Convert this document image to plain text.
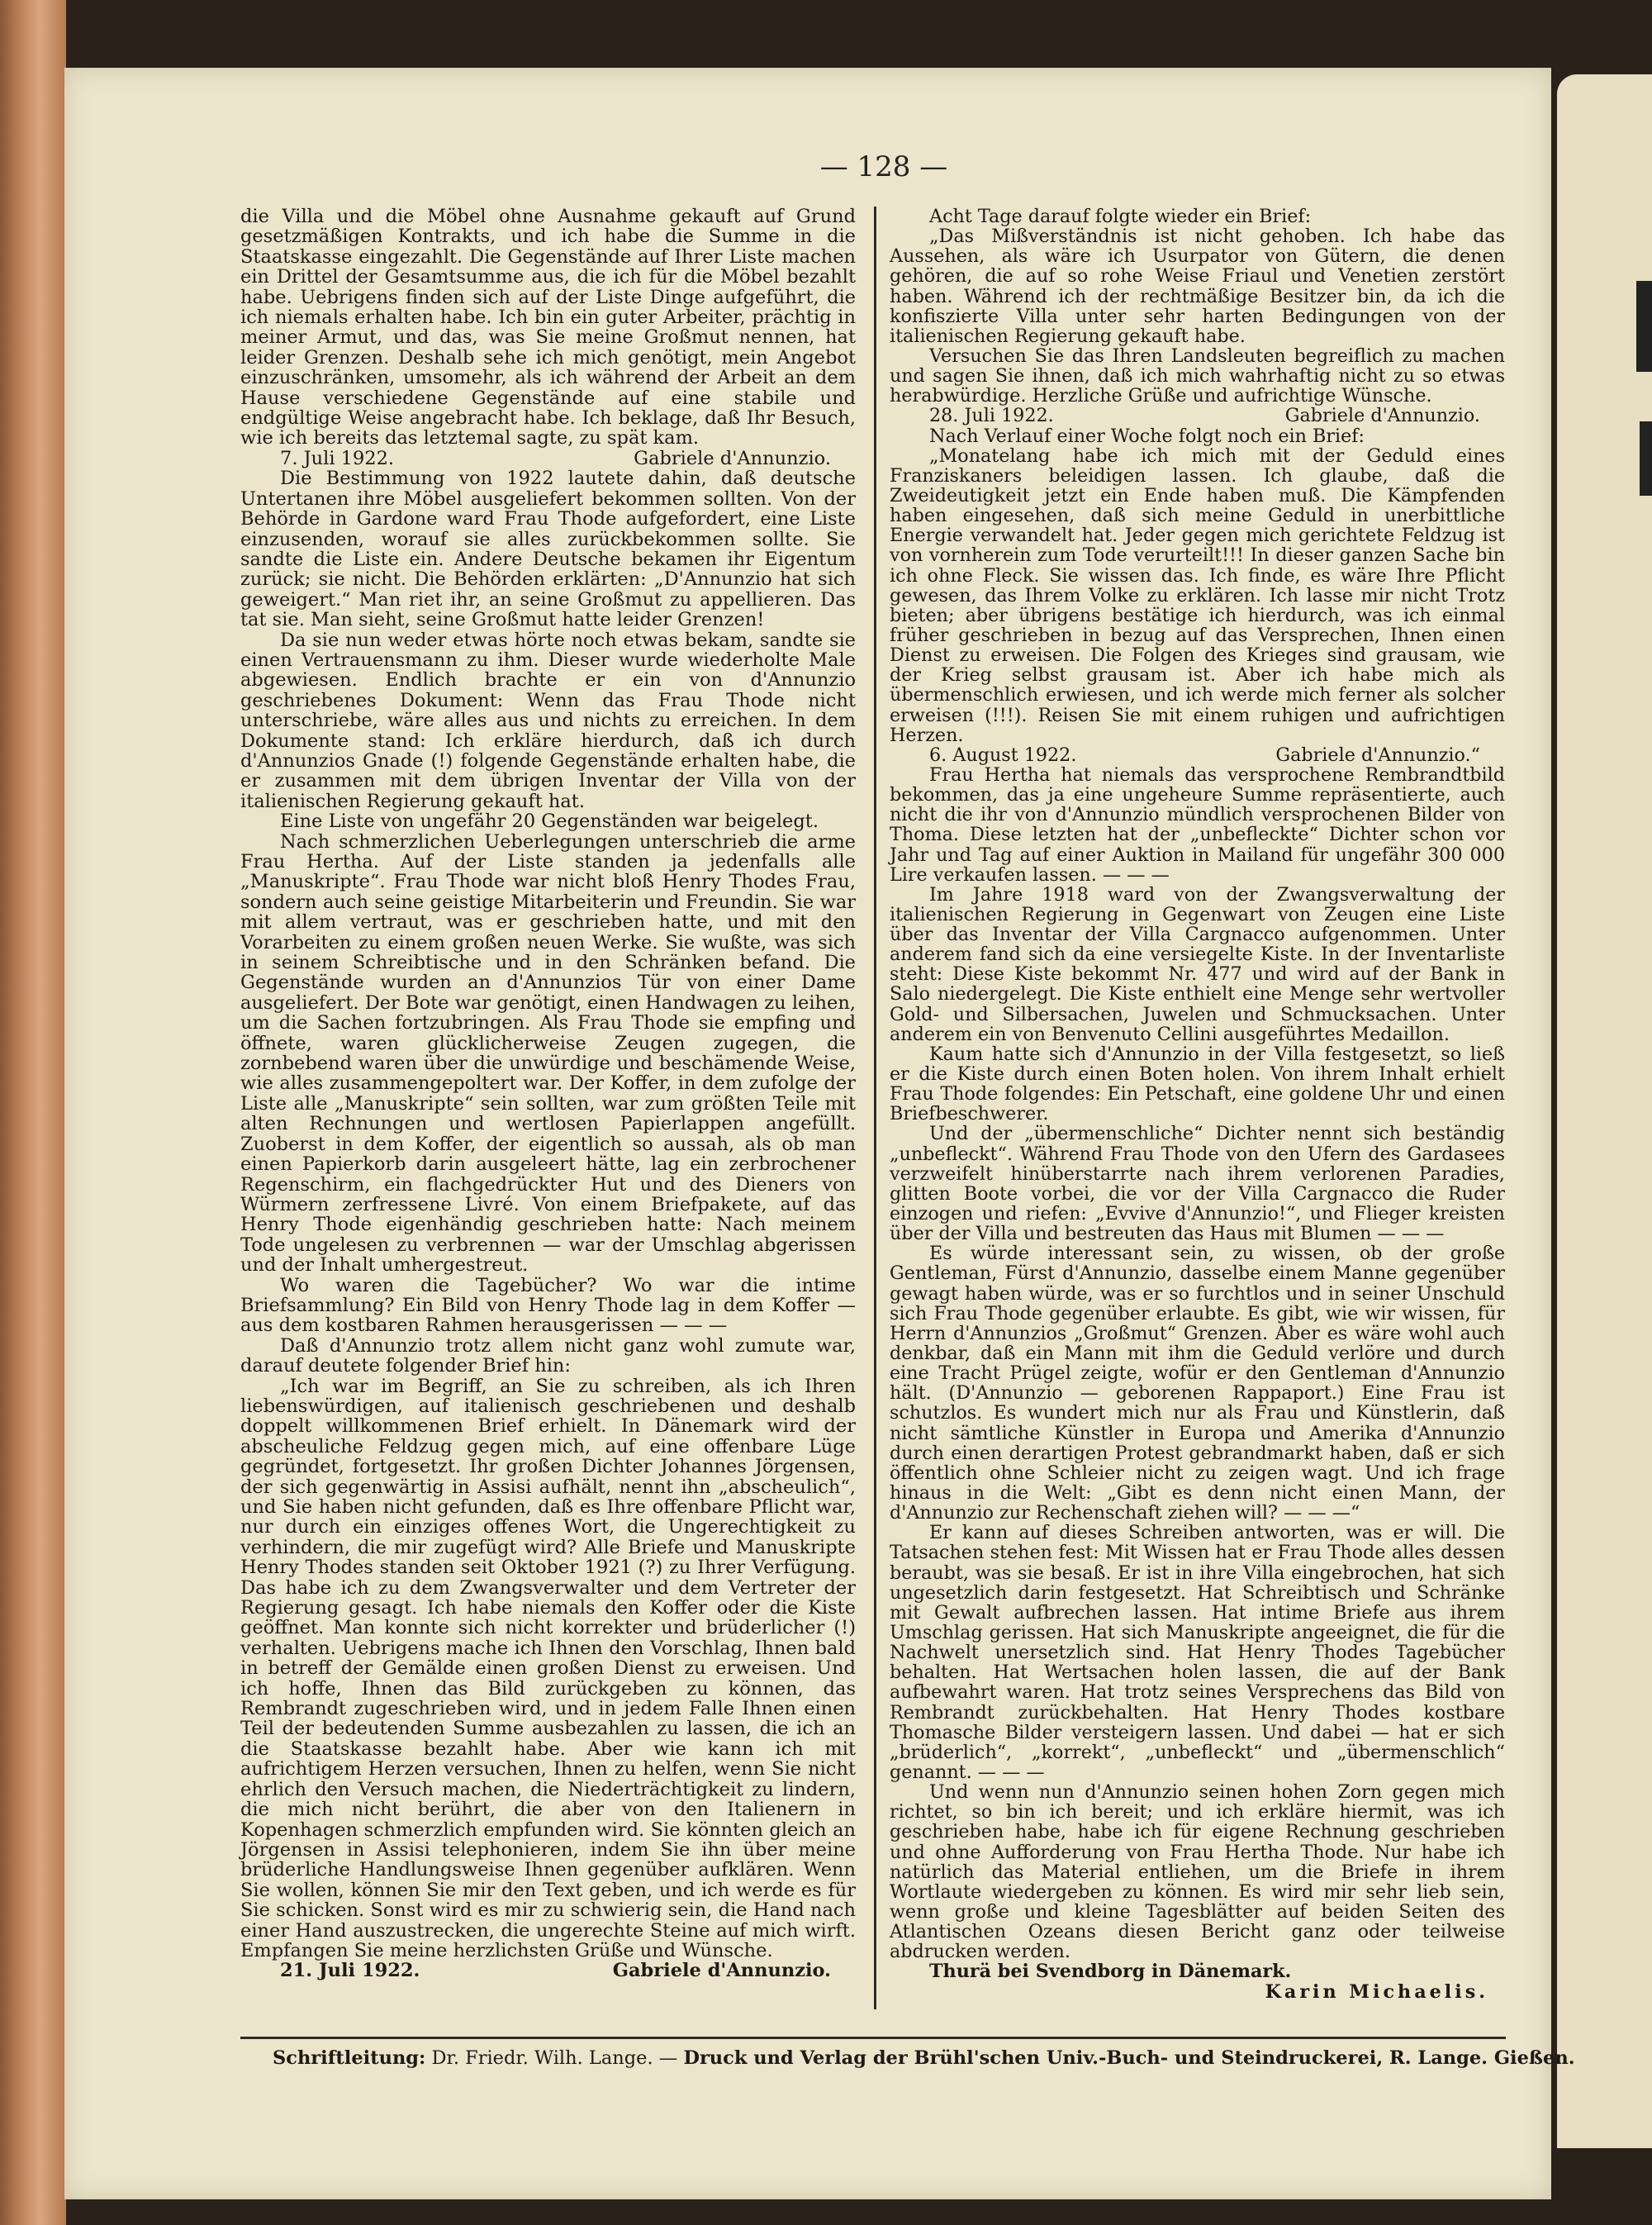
— 128 —

die Villa und die Möbel ohne Ausnahme gekauft auf Grund gesetzmäßigen Kontrakts, und ich habe die Summe in die Staatskasse eingezahlt. Die Gegenstände auf Ihrer Liste machen ein Drittel der Gesamtsumme aus, die ich für die Möbel bezahlt habe. Uebrigens finden sich auf der Liste Dinge aufgeführt, die ich niemals erhalten habe. Ich bin ein guter Arbeiter, prächtig in meiner Armut, und das, was Sie meine Großmut nennen, hat leider Grenzen. Deshalb sehe ich mich genötigt, mein Angebot einzuschränken, umsomehr, als ich während der Arbeit an dem Hause verschiedene Gegenstände auf eine stabile und endgültige Weise angebracht habe. Ich beklage, daß Ihr Besuch, wie ich bereits das letztemal sagte, zu spät kam.

7. Juli 1922.	Gabriele d'Annunzio.

Die Bestimmung von 1922 lautete dahin, daß deutsche Untertanen ihre Möbel ausgeliefert bekommen sollten. Von der Behörde in Gardone ward Frau Thode aufgefordert, eine Liste einzusenden, worauf sie alles zurückbekommen sollte. Sie sandte die Liste ein. Andere Deutsche bekamen ihr Eigentum zurück; sie nicht. Die Behörden erklärten: „D'Annunzio hat sich geweigert.“ Man riet ihr, an seine Großmut zu appellieren. Das tat sie. Man sieht, seine Großmut hatte leider Grenzen!

Da sie nun weder etwas hörte noch etwas bekam, sandte sie einen Vertrauensmann zu ihm. Dieser wurde wiederholte Male abgewiesen. Endlich brachte er ein von d'Annunzio geschriebenes Dokument: Wenn das Frau Thode nicht unterschriebe, wäre alles aus und nichts zu erreichen. In dem Dokumente stand: Ich erkläre hierdurch, daß ich durch d'Annunzios Gnade (!) folgende Gegenstände erhalten habe, die er zusammen mit dem übrigen Inventar der Villa von der italienischen Regierung gekauft hat.

Eine Liste von ungefähr 20 Gegenständen war beigelegt.

Nach schmerzlichen Ueberlegungen unterschrieb die arme Frau Hertha. Auf der Liste standen ja jedenfalls alle „Manuskripte“. Frau Thode war nicht bloß Henry Thodes Frau, sondern auch seine geistige Mitarbeiterin und Freundin. Sie war mit allem vertraut, was er geschrieben hatte, und mit den Vorarbeiten zu einem großen neuen Werke. Sie wußte, was sich in seinem Schreibtische und in den Schränken befand. Die Gegenstände wurden an d'Annunzios Tür von einer Dame ausgeliefert. Der Bote war genötigt, einen Handwagen zu leihen, um die Sachen fortzubringen. Als Frau Thode sie empfing und öffnete, waren glücklicherweise Zeugen zugegen, die zornbebend waren über die unwürdige und beschämende Weise, wie alles zusammengepoltert war. Der Koffer, in dem zufolge der Liste alle „Manuskripte“ sein sollten, war zum größten Teile mit alten Rechnungen und wertlosen Papierlappen angefüllt. Zuoberst in dem Koffer, der eigentlich so aussah, als ob man einen Papierkorb darin ausgeleert hätte, lag ein zerbrochener Regenschirm, ein flachgedrückter Hut und des Dieners von Würmern zerfressene Livré. Von einem Briefpakete, auf das Henry Thode eigenhändig geschrieben hatte: Nach meinem Tode ungelesen zu verbrennen — war der Umschlag abgerissen und der Inhalt umhergestreut.

Wo waren die Tagebücher? Wo war die intime Briefsammlung? Ein Bild von Henry Thode lag in dem Koffer — aus dem kostbaren Rahmen herausgerissen — — —

Daß d'Annunzio trotz allem nicht ganz wohl zumute war, darauf deutete folgender Brief hin:

„Ich war im Begriff, an Sie zu schreiben, als ich Ihren liebenswürdigen, auf italienisch geschriebenen und deshalb doppelt willkommenen Brief erhielt. In Dänemark wird der abscheuliche Feldzug gegen mich, auf eine offenbare Lüge gegründet, fortgesetzt. Ihr großen Dichter Johannes Jörgensen, der sich gegenwärtig in Assisi aufhält, nennt ihn „abscheulich“, und Sie haben nicht gefunden, daß es Ihre offenbare Pflicht war, nur durch ein einziges offenes Wort, die Ungerechtigkeit zu verhindern, die mir zugefügt wird? Alle Briefe und Manuskripte Henry Thodes standen seit Oktober 1921 (?) zu Ihrer Verfügung. Das habe ich zu dem Zwangsverwalter und dem Vertreter der Regierung gesagt. Ich habe niemals den Koffer oder die Kiste geöffnet. Man konnte sich nicht korrekter und brüderlicher (!) verhalten. Uebrigens mache ich Ihnen den Vorschlag, Ihnen bald in betreff der Gemälde einen großen Dienst zu erweisen. Und ich hoffe, Ihnen das Bild zurückgeben zu können, das Rembrandt zugeschrieben wird, und in jedem Falle Ihnen einen Teil der bedeutenden Summe ausbezahlen zu lassen, die ich an die Staatskasse bezahlt habe. Aber wie kann ich mit aufrichtigem Herzen versuchen, Ihnen zu helfen, wenn Sie nicht ehrlich den Versuch machen, die Niederträchtigkeit zu lindern, die mich nicht berührt, die aber von den Italienern in Kopenhagen schmerzlich empfunden wird. Sie könnten gleich an Jörgensen in Assisi telephonieren, indem Sie ihn über meine brüderliche Handlungsweise Ihnen gegenüber aufklären. Wenn Sie wollen, können Sie mir den Text geben, und ich werde es für Sie schicken. Sonst wird es mir zu schwierig sein, die Hand nach einer Hand auszustrecken, die ungerechte Steine auf mich wirft. Empfangen Sie meine herzlichsten Grüße und Wünsche.

21. Juli 1922.	Gabriele d'Annunzio.

Acht Tage darauf folgte wieder ein Brief:

„Das Mißverständnis ist nicht gehoben. Ich habe das Aussehen, als wäre ich Usurpator von Gütern, die denen gehören, die auf so rohe Weise Friaul und Venetien zerstört haben. Während ich der rechtmäßige Besitzer bin, da ich die konfiszierte Villa unter sehr harten Bedingungen von der italienischen Regierung gekauft habe.

Versuchen Sie das Ihren Landsleuten begreiflich zu machen und sagen Sie ihnen, daß ich mich wahrhaftig nicht zu so etwas herabwürdige. Herzliche Grüße und aufrichtige Wünsche.

28. Juli 1922.	Gabriele d'Annunzio.

Nach Verlauf einer Woche folgt noch ein Brief:

„Monatelang habe ich mich mit der Geduld eines Franziskaners beleidigen lassen. Ich glaube, daß die Zweideutigkeit jetzt ein Ende haben muß. Die Kämpfenden haben eingesehen, daß sich meine Geduld in unerbittliche Energie verwandelt hat. Jeder gegen mich gerichtete Feldzug ist von vornherein zum Tode verurteilt!!! In dieser ganzen Sache bin ich ohne Fleck. Sie wissen das. Ich finde, es wäre Ihre Pflicht gewesen, das Ihrem Volke zu erklären. Ich lasse mir nicht Trotz bieten; aber übrigens bestätige ich hierdurch, was ich einmal früher geschrieben in bezug auf das Versprechen, Ihnen einen Dienst zu erweisen. Die Folgen des Krieges sind grausam, wie der Krieg selbst grausam ist. Aber ich habe mich als übermenschlich erwiesen, und ich werde mich ferner als solcher erweisen (!!!). Reisen Sie mit einem ruhigen und aufrichtigen Herzen.

6. August 1922.	Gabriele d'Annunzio.“

Frau Hertha hat niemals das versprochene Rembrandtbild bekommen, das ja eine ungeheure Summe repräsentierte, auch nicht die ihr von d'Annunzio mündlich versprochenen Bilder von Thoma. Diese letzten hat der „unbefleckte“ Dichter schon vor Jahr und Tag auf einer Auktion in Mailand für ungefähr 300 000 Lire verkaufen lassen. — — —

Im Jahre 1918 ward von der Zwangsverwaltung der italienischen Regierung in Gegenwart von Zeugen eine Liste über das Inventar der Villa Cargnacco aufgenommen. Unter anderem fand sich da eine versiegelte Kiste. In der Inventarliste steht: Diese Kiste bekommt Nr. 477 und wird auf der Bank in Salo niedergelegt. Die Kiste enthielt eine Menge sehr wertvoller Gold- und Silbersachen, Juwelen und Schmucksachen. Unter anderem ein von Benvenuto Cellini ausgeführtes Medaillon.

Kaum hatte sich d'Annunzio in der Villa festgesetzt, so ließ er die Kiste durch einen Boten holen. Von ihrem Inhalt erhielt Frau Thode folgendes: Ein Petschaft, eine goldene Uhr und einen Briefbeschwerer.

Und der „übermenschliche“ Dichter nennt sich beständig „unbefleckt“. Während Frau Thode von den Ufern des Gardasees verzweifelt hinüberstarrte nach ihrem verlorenen Paradies, glitten Boote vorbei, die vor der Villa Cargnacco die Ruder einzogen und riefen: „Evvive d'Annunzio!“, und Flieger kreisten über der Villa und bestreuten das Haus mit Blumen — — —

Es würde interessant sein, zu wissen, ob der große Gentleman, Fürst d'Annunzio, dasselbe einem Manne gegenüber gewagt haben würde, was er so furchtlos und in seiner Unschuld sich Frau Thode gegenüber erlaubte. Es gibt, wie wir wissen, für Herrn d'Annunzios „Großmut“ Grenzen. Aber es wäre wohl auch denkbar, daß ein Mann mit ihm die Geduld verlöre und durch eine Tracht Prügel zeigte, wofür er den Gentleman d'Annunzio hält. (D'Annunzio — geborenen Rappaport.) Eine Frau ist schutzlos. Es wundert mich nur als Frau und Künstlerin, daß nicht sämtliche Künstler in Europa und Amerika d'Annunzio durch einen derartigen Protest gebrandmarkt haben, daß er sich öffentlich ohne Schleier nicht zu zeigen wagt. Und ich frage hinaus in die Welt: „Gibt es denn nicht einen Mann, der d'Annunzio zur Rechenschaft ziehen will? — — —“

Er kann auf dieses Schreiben antworten, was er will. Die Tatsachen stehen fest: Mit Wissen hat er Frau Thode alles dessen beraubt, was sie besaß. Er ist in ihre Villa eingebrochen, hat sich ungesetzlich darin festgesetzt. Hat Schreibtisch und Schränke mit Gewalt aufbrechen lassen. Hat intime Briefe aus ihrem Umschlag gerissen. Hat sich Manuskripte angeeignet, die für die Nachwelt unersetzlich sind. Hat Henry Thodes Tagebücher behalten. Hat Wertsachen holen lassen, die auf der Bank aufbewahrt waren. Hat trotz seines Versprechens das Bild von Rembrandt zurückbehalten. Hat Henry Thodes kostbare Thomasche Bilder versteigern lassen. Und dabei — hat er sich „brüderlich“, „korrekt“, „unbefleckt“ und „übermenschlich“ genannt. — — —

Und wenn nun d'Annunzio seinen hohen Zorn gegen mich richtet, so bin ich bereit; und ich erkläre hiermit, was ich geschrieben habe, habe ich für eigene Rechnung geschrieben und ohne Aufforderung von Frau Hertha Thode. Nur habe ich natürlich das Material entliehen, um die Briefe in ihrem Wortlaute wiedergeben zu können. Es wird mir sehr lieb sein, wenn große und kleine Tagesblätter auf beiden Seiten des Atlantischen Ozeans diesen Bericht ganz oder teilweise abdrucken werden.

Thurä bei Svendborg in Dänemark.
Karin Michaelis.
Schriftleitung: Dr. Friedr. Wilh. Lange. — Druck und Verlag der Brühl'schen Univ.-Buch- und Steindruckerei, R. Lange. Gießen.
